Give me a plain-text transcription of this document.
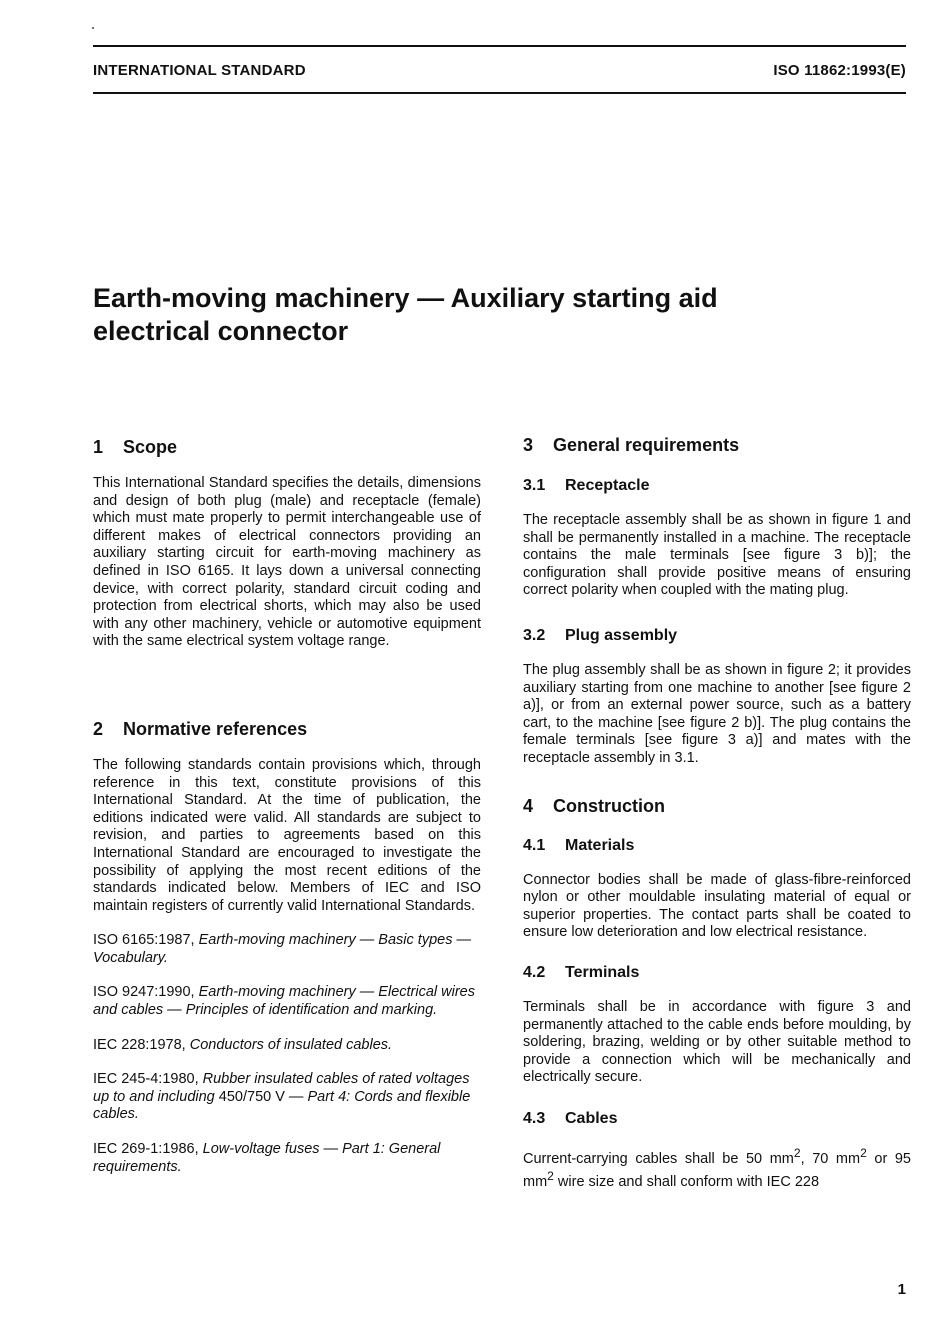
INTERNATIONAL STANDARD	ISO 11862:1993(E)
Earth-moving machinery — Auxiliary starting aid
electrical connector
1 Scope

This International Standard specifies the details, dimensions and design of both plug (male) and receptacle (female) which must mate properly to permit interchangeable use of different makes of electrical connectors providing an auxiliary starting circuit for earth-moving machinery as defined in ISO 6165. It lays down a universal connecting device, with correct polarity, standard circuit coding and protection from electrical shorts, which may also be used with any other machinery, vehicle or automotive equipment with the same electrical system voltage range.

2 Normative references

The following standards contain provisions which, through reference in this text, constitute provisions of this International Standard. At the time of publication, the editions indicated were valid. All standards are subject to revision, and parties to agreements based on this International Standard are encouraged to investigate the possibility of applying the most recent editions of the standards indicated below. Members of IEC and ISO maintain registers of currently valid International Standards.

ISO 6165:1987, Earth-moving machinery — Basic types — Vocabulary.

ISO 9247:1990, Earth-moving machinery — Electrical wires and cables — Principles of identification and marking.

IEC 228:1978, Conductors of insulated cables.

IEC 245-4:1980, Rubber insulated cables of rated voltages up to and including 450/750 V — Part 4: Cords and flexible cables.

IEC 269-1:1986, Low-voltage fuses — Part 1: General requirements.

3 General requirements
3.1 Receptacle

The receptacle assembly shall be as shown in figure 1 and shall be permanently installed in a machine. The receptacle contains the male terminals [see figure 3 b)]; the configuration shall provide positive means of ensuring correct polarity when coupled with the mating plug.

3.2 Plug assembly

The plug assembly shall be as shown in figure 2; it provides auxiliary starting from one machine to another [see figure 2 a)], or from an external power source, such as a battery cart, to the machine [see figure 2 b)]. The plug contains the female terminals [see figure 3 a)] and mates with the receptacle assembly in 3.1.

4 Construction
4.1 Materials

Connector bodies shall be made of glass-fibre-reinforced nylon or other mouldable insulating material of equal or superior properties. The contact parts shall be coated to ensure low deterioration and low electrical resistance.

4.2 Terminals

Terminals shall be in accordance with figure 3 and permanently attached to the cable ends before moulding, by soldering, brazing, welding or by other suitable method to provide a connection which will be mechanically and electrically secure.

4.3 Cables

Current-carrying cables shall be 50 $mm^2$, 70 $mm^2$ or 95 $mm^2$ wire size and shall conform with IEC 228

1
